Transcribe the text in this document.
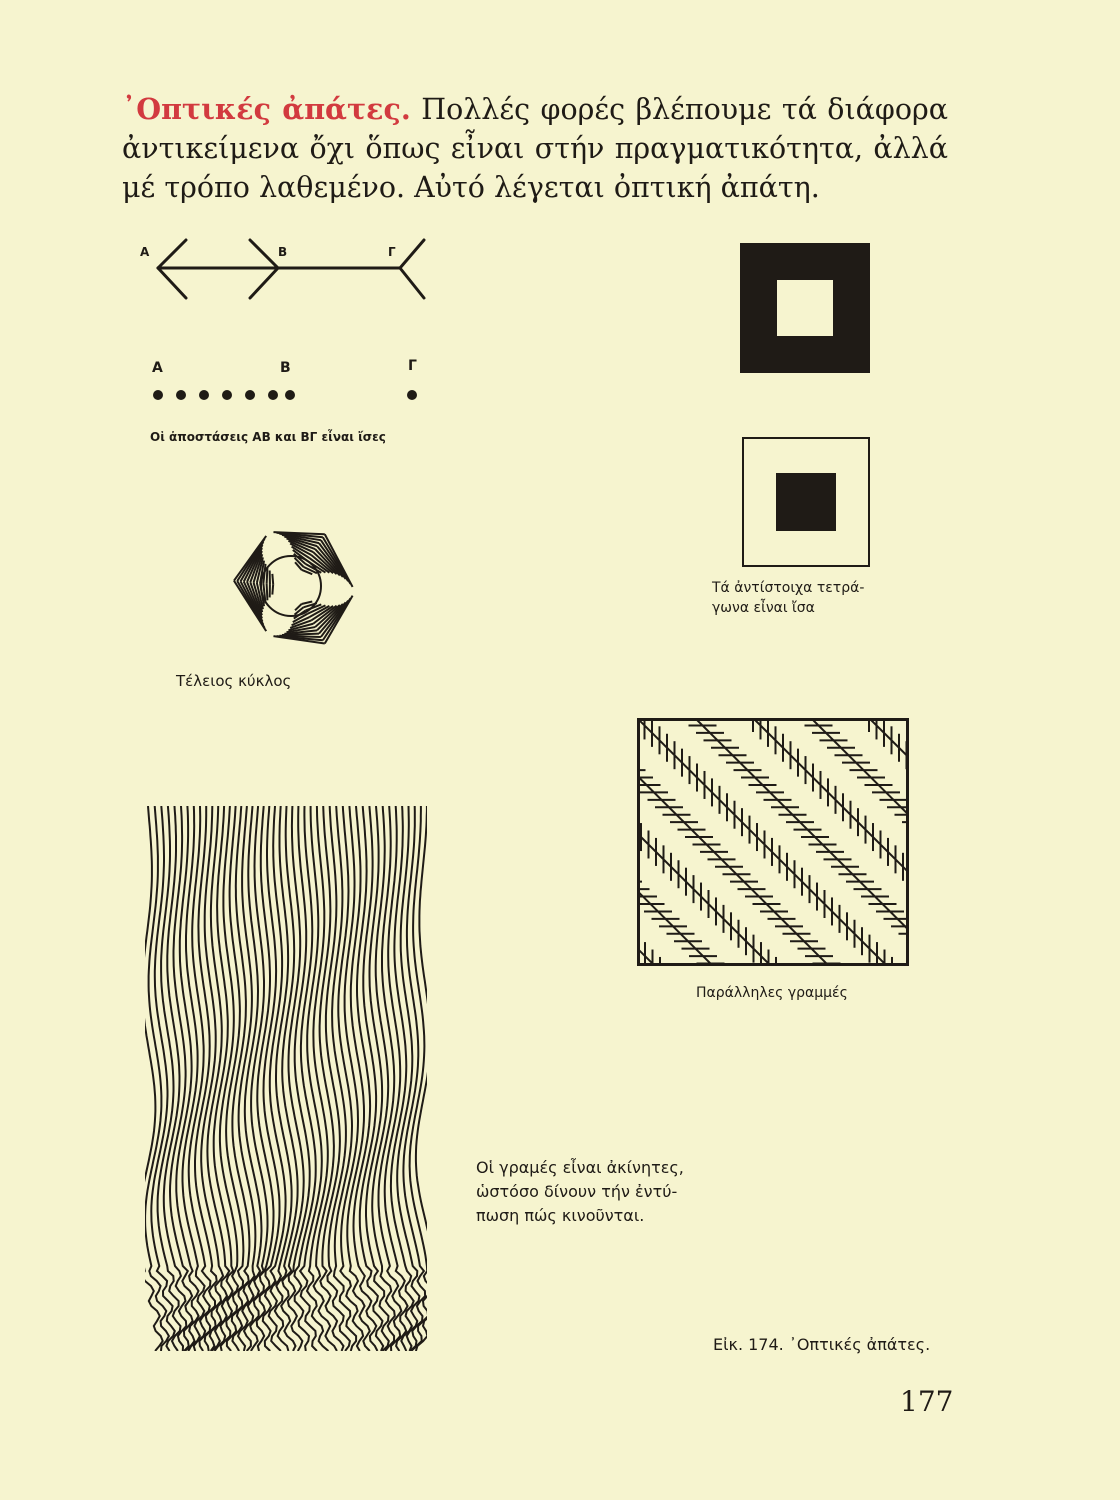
᾿Οπτικές ἀπάτες. Πολλές φορές βλέπουμε τά διάφορα ἀντικείμενα ὄχι ὅπως εἶναι στήν πραγματικότητα, ἀλλά μέ τρόπο λαθεμένο. Αὐτό λέγεται ὀπτική ἀπάτη.
Α	Β	Γ
Α	Β	Γ
Οἱ ἀποστάσεις ΑΒ και ΒΓ εἶναι ἴσες
Τά ἀντίστοιχα τετρά-
γωνα εἶναι ἴσα
Τέλειος κύκλος
Παράλληλες γραμμές
Οἱ γραμές εἶναι ἀκίνητες,
ὡστόσο δίνουν τήν ἐντύ-
πωση πώς κινοῦνται.
Εἰκ. 174. ᾿Οπτικές ἀπάτες.
177
